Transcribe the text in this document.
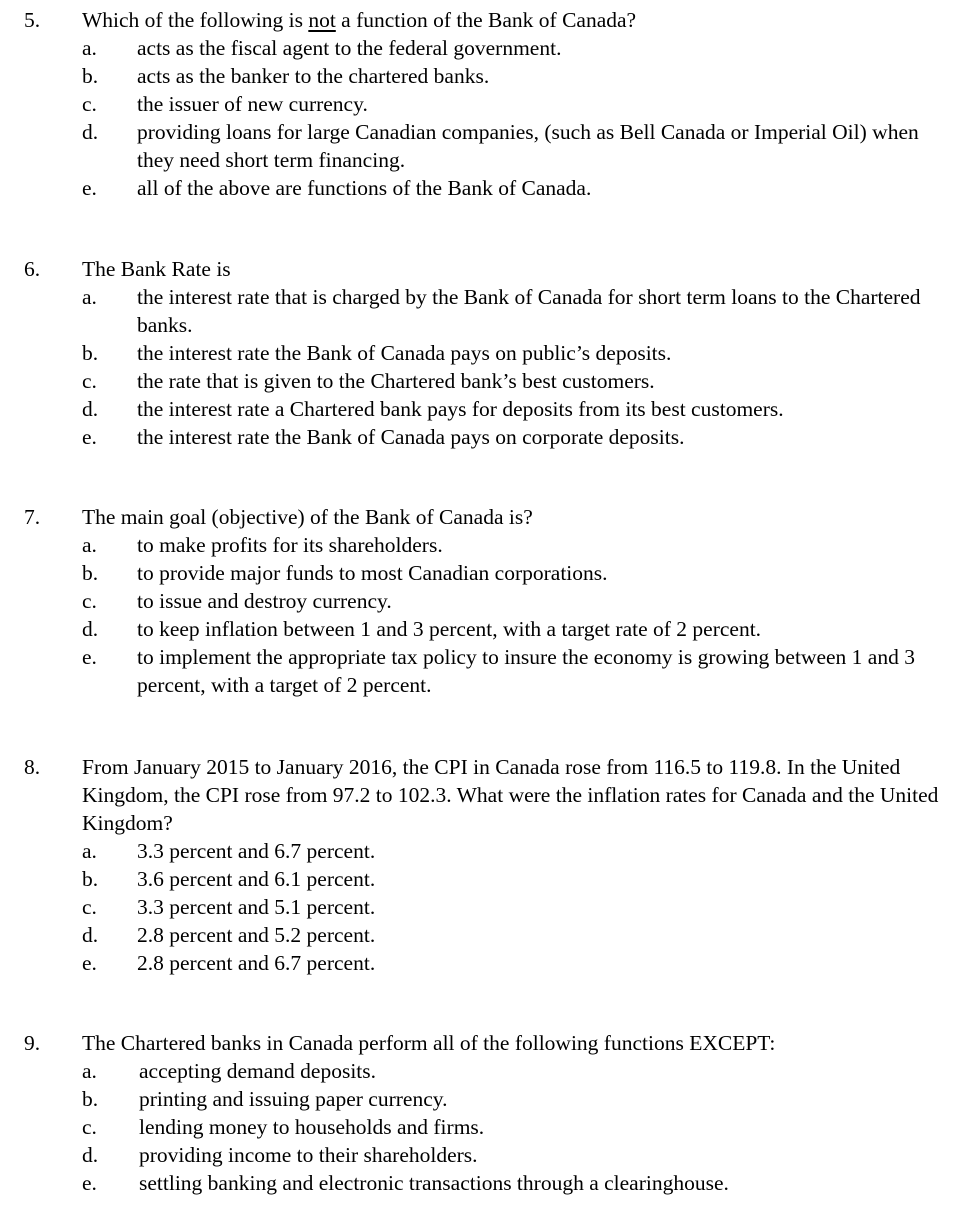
5. Which of the following is not a function of the Bank of Canada?
a. acts as the fiscal agent to the federal government.
b. acts as the banker to the chartered banks.
c. the issuer of new currency.
d. providing loans for large Canadian companies, (such as Bell Canada or Imperial Oil) when they need short term financing.
e. all of the above are functions of the Bank of Canada.
6. The Bank Rate is
a. the interest rate that is charged by the Bank of Canada for short term loans to the Chartered banks.
b. the interest rate the Bank of Canada pays on public’s deposits.
c. the rate that is given to the Chartered bank’s best customers.
d. the interest rate a Chartered bank pays for deposits from its best customers.
e. the interest rate the Bank of Canada pays on corporate deposits.
7. The main goal (objective) of the Bank of Canada is?
a. to make profits for its shareholders.
b. to provide major funds to most Canadian corporations.
c. to issue and destroy currency.
d. to keep inflation between 1 and 3 percent, with a target rate of 2 percent.
e. to implement the appropriate tax policy to insure the economy is growing between 1 and 3 percent, with a target of 2 percent.
8. From January 2015 to January 2016, the CPI in Canada rose from 116.5 to 119.8. In the United Kingdom, the CPI rose from 97.2 to 102.3. What were the inflation rates for Canada and the United Kingdom?
a. 3.3 percent and 6.7 percent.
b. 3.6 percent and 6.1 percent.
c. 3.3 percent and 5.1 percent.
d. 2.8 percent and 5.2 percent.
e. 2.8 percent and 6.7 percent.
9. The Chartered banks in Canada perform all of the following functions EXCEPT:
a. accepting demand deposits.
b. printing and issuing paper currency.
c. lending money to households and firms.
d. providing income to their shareholders.
e. settling banking and electronic transactions through a clearinghouse.
